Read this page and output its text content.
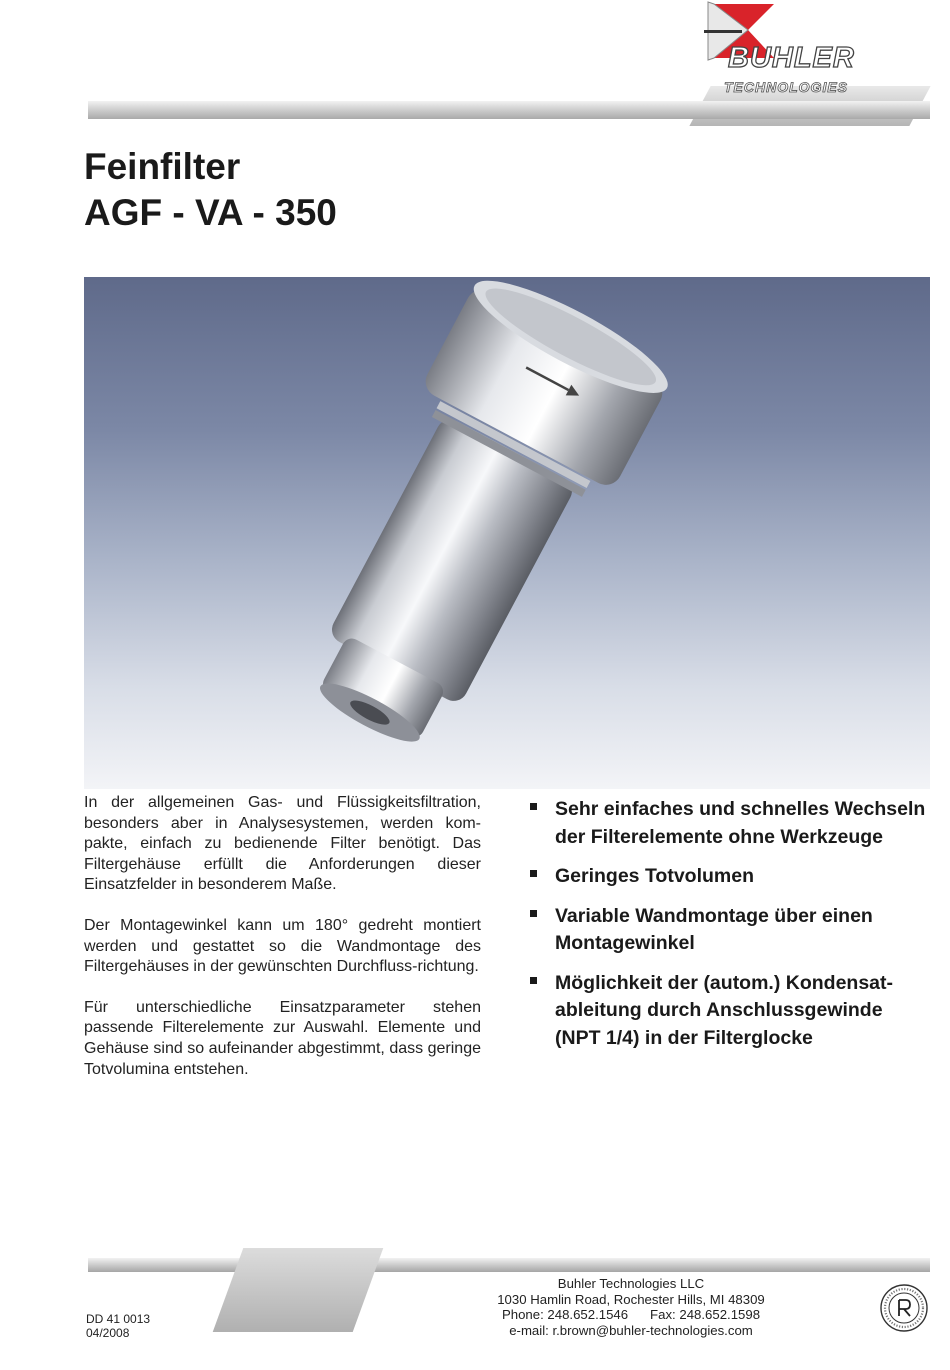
BUHLER
TECHNOLOGIES
Feinfilter
AGF - VA - 350

In der allgemeinen Gas- und Flüssigkeitsfiltration, besonders aber in Analysesystemen, werden kom-pakte, einfach zu bedienende Filter benötigt. Das Filtergehäuse erfüllt die Anforderungen dieser Einsatzfelder in besonderem Maße.

Der Montagewinkel kann um 180° gedreht montiert werden und gestattet so die Wandmontage des Filtergehäuses in der gewünschten Durchfluss-richtung.

Für unterschiedliche Einsatzparameter stehen passende Filterelemente zur Auswahl. Elemente und Gehäuse sind so aufeinander abgestimmt, dass geringe Totvolumina entstehen.

Sehr einfaches und schnelles Wechseln der Filterelemente ohne Werkzeuge
Geringes Totvolumen
Variable Wandmontage über einen Montagewinkel
Möglichkeit der (autom.) Kondensat-ableitung durch Anschlussgewinde (NPT 1/4) in der Filterglocke
DD 41 0013
04/2008
Buhler Technologies LLC
1030 Hamlin Road, Rochester Hills, MI 48309
Phone: 248.652.1546      Fax: 248.652.1598
e-mail: r.brown@buhler-technologies.com
